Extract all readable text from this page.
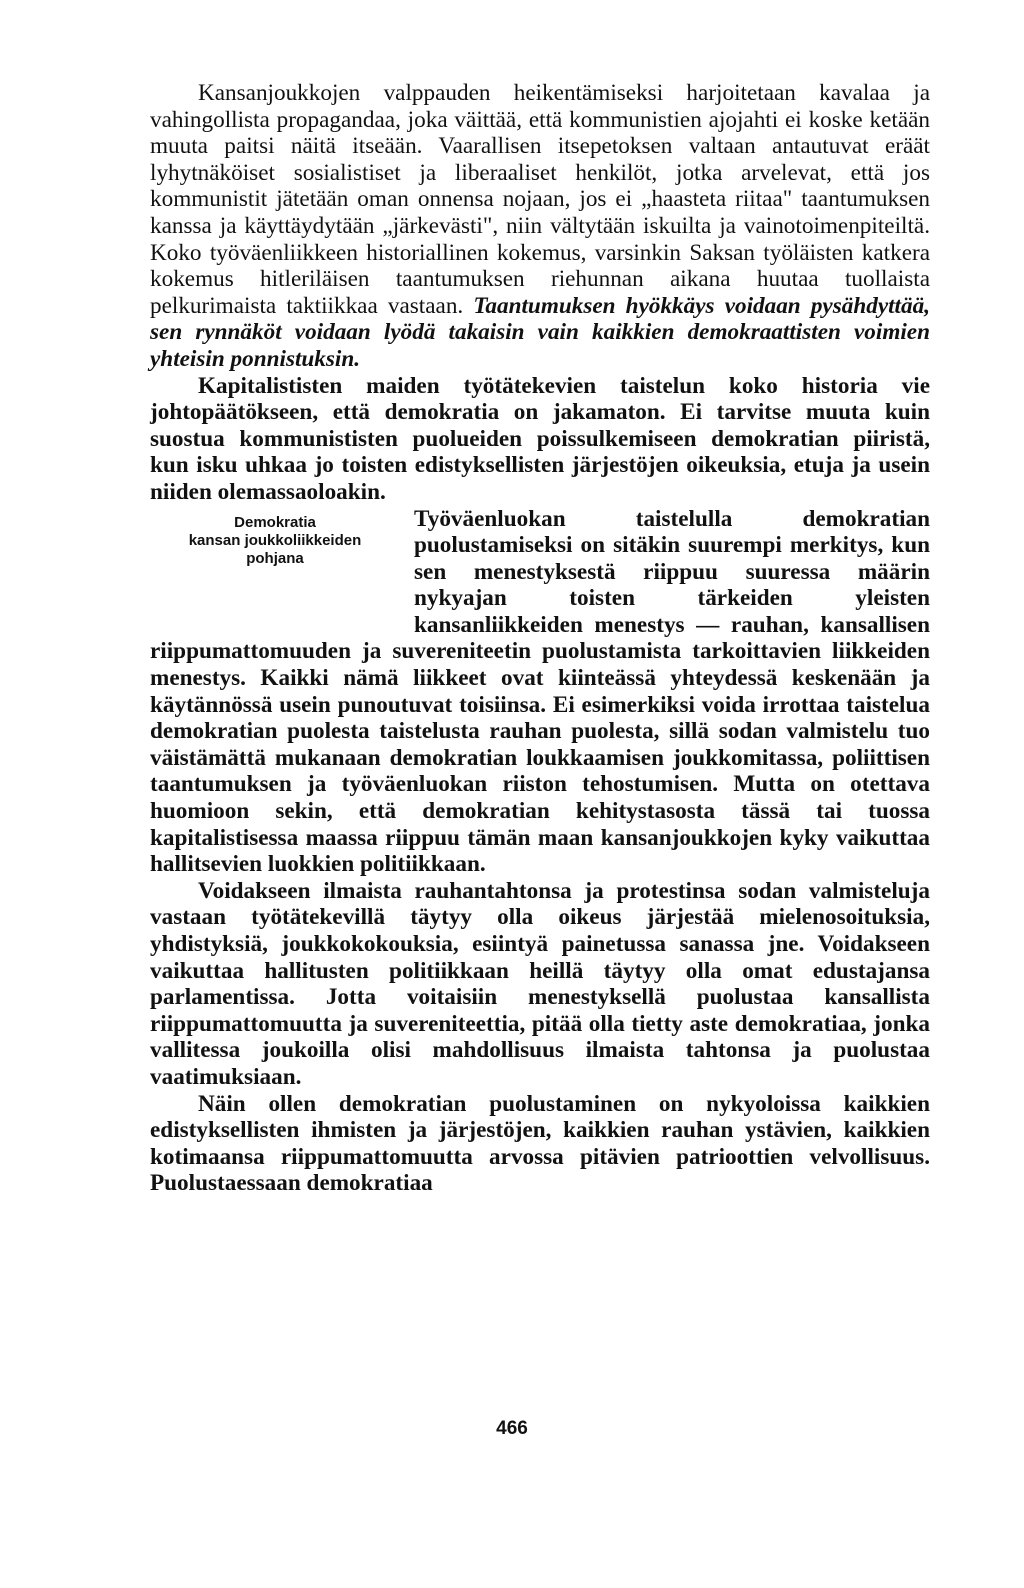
Kansanjoukkojen valppauden heikentämiseksi harjoitetaan kavalaa ja vahingollista propagandaa, joka väittää, että kommunistien ajojahti ei koske ketään muuta paitsi näitä itseään. Vaarallisen itsepetoksen valtaan antautuvat eräät lyhytnäköiset sosialistiset ja liberaaliset henkilöt, jotka arvelevat, että jos kommunistit jätetään oman onnensa nojaan, jos ei „haasteta riitaa" taantumuksen kanssa ja käyttäydytään „järkevästi", niin vältytään iskuilta ja vainotoimenpiteiltä. Koko työväenliikkeen historiallinen kokemus, varsinkin Saksan työläisten katkera kokemus hitleriläisen taantumuksen riehunnan aikana huutaa tuollaista pelkurimaista taktiikkaa vastaan. Taantumuksen hyökkäys voidaan pysähdyttää, sen rynnäköt voidaan lyödä takaisin vain kaikkien demokraattisten voimien yhteisin ponnistuksin.

Kapitalististen maiden työtätekevien taistelun koko historia vie johtopäätökseen, että demokratia on jakamaton. Ei tarvitse muuta kuin suostua kommunististen puolueiden poissulkemiseen demokratian piiristä, kun isku uhkaa jo toisten edistyksellisten järjestöjen oikeuksia, etuja ja usein niiden olemassaoloakin.

Demokratia
kansan joukkoliikkeiden
pohjana

Työväenluokan taistelulla demokratian puolustamiseksi on sitäkin suurempi merkitys, kun sen menestyksestä riippuu suuressa määrin nykyajan toisten tärkeiden yleisten kansanliikkeiden menestys — rauhan, kansallisen riippumattomuuden ja suvereniteetin puolustamista tarkoittavien liikkeiden menestys. Kaikki nämä liikkeet ovat kiinteässä yhteydessä keskenään ja käytännössä usein punoutuvat toisiinsa. Ei esimerkiksi voida irrottaa taistelua demokratian puolesta taistelusta rauhan puolesta, sillä sodan valmistelu tuo väistämättä mukanaan demokratian loukkaamisen joukkomitassa, poliittisen taantumuksen ja työväenluokan riiston tehostumisen. Mutta on otettava huomioon sekin, että demokratian kehitystasosta tässä tai tuossa kapitalistisessa maassa riippuu tämän maan kansanjoukkojen kyky vaikuttaa hallitsevien luokkien politiikkaan.

Voidakseen ilmaista rauhantahtonsa ja protestinsa sodan valmisteluja vastaan työtätekevillä täytyy olla oikeus järjestää mielenosoituksia, yhdistyksiä, joukkokokouksia, esiintyä painetussa sanassa jne. Voidakseen vaikuttaa hallitusten politiikkaan heillä täytyy olla omat edustajansa parlamentissa. Jotta voitaisiin menestyksellä puolustaa kansallista riippumattomuutta ja suvereniteettia, pitää olla tietty aste demokratiaa, jonka vallitessa joukoilla olisi mahdollisuus ilmaista tahtonsa ja puolustaa vaatimuksiaan.

Näin ollen demokratian puolustaminen on nykyoloissa kaikkien edistyksellisten ihmisten ja järjestöjen, kaikkien rauhan ystävien, kaikkien kotimaansa riippumattomuutta arvossa pitävien patrioottien velvollisuus. Puolustaessaan demokratiaa

466
